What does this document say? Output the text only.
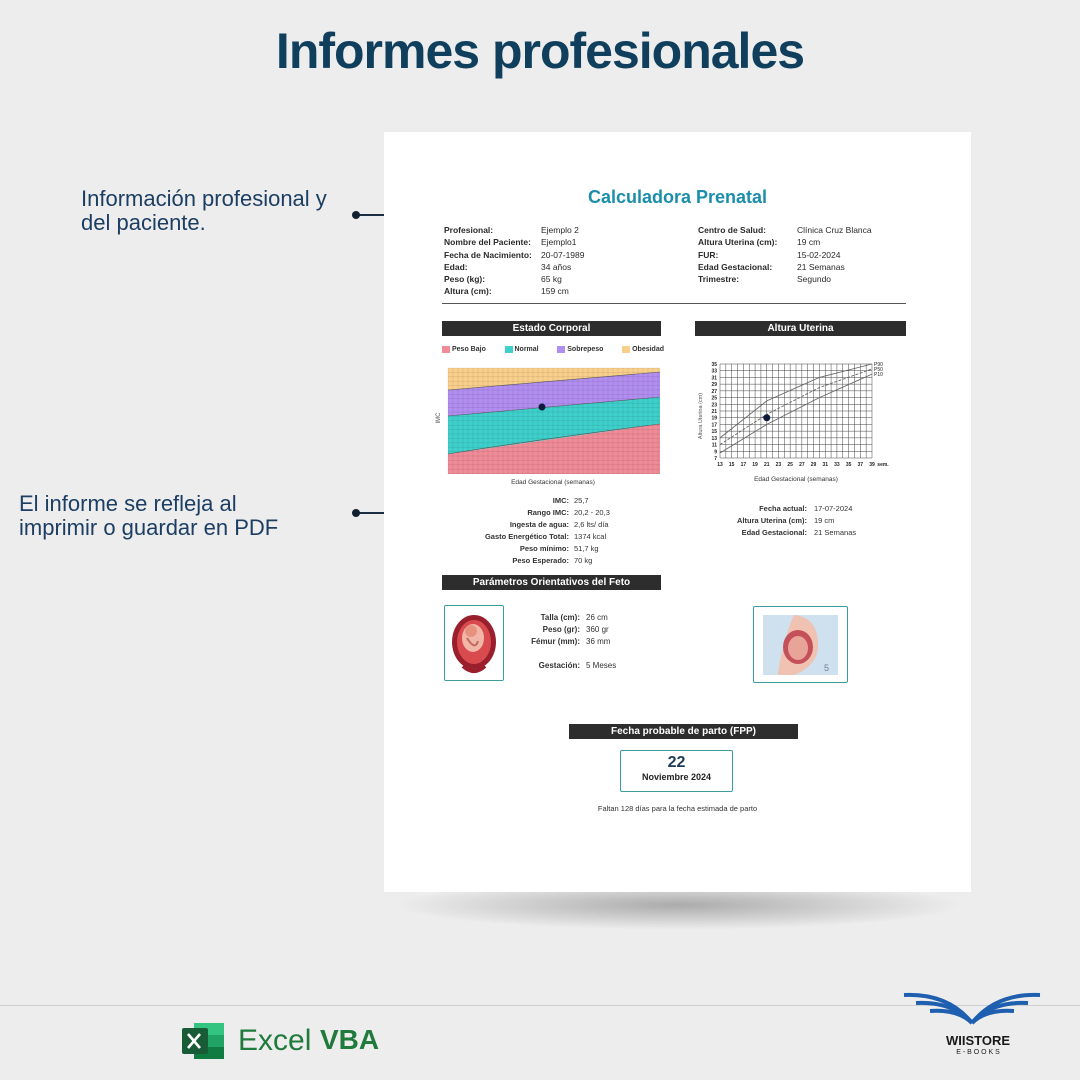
Informes profesionales
Información profesional y
del paciente.
El informe se refleja al
imprimir o guardar en PDF
Calculadora Prenatal
Profesional:	Ejemplo 2
Nombre del Paciente:	Ejemplo1
Fecha de Nacimiento:	20-07-1989
Edad:	34 años
Peso (kg):	65 kg
Altura (cm):	159 cm
Centro de Salud:	Clínica Cruz Blanca
Altura Uterina (cm):	19 cm
FUR:	15-02-2024
Edad Gestacional:	21 Semanas
Trimestre:	Segundo
Estado Corporal
Peso Bajo	Normal	Sobrepeso	Obesidad
IMC
Edad Gestacional (semanas)
IMC: 25,7
Rango IMC: 20,2 - 20,3
Ingesta de agua: 2,6 lts/ día
Gasto Energético Total: 1374 kcal
Peso mínimo: 51,7 kg
Peso Esperado: 70 kg
Altura Uterina
Altura Uterina (cm)
35
33
31
29
27
25
23
21
19
17
15
13
11
9
7
13 15 17 19 21 23 25 27 29 31 33 35 37 39 sem.
P90
P50
P10
Edad Gestacional (semanas)
Fecha actual: 17-07-2024
Altura Uterina (cm): 19 cm
Edad Gestacional: 21 Semanas
Parámetros Orientativos del Feto
Talla (cm): 26 cm
Peso (gr): 360 gr
Fémur (mm): 36 mm
Gestación: 5 Meses	5
Fecha probable de parto (FPP)
22
Noviembre 2024
Faltan 128 días para la fecha estimada de parto
Excel VBA	WIISTORE
E - B O O K S
